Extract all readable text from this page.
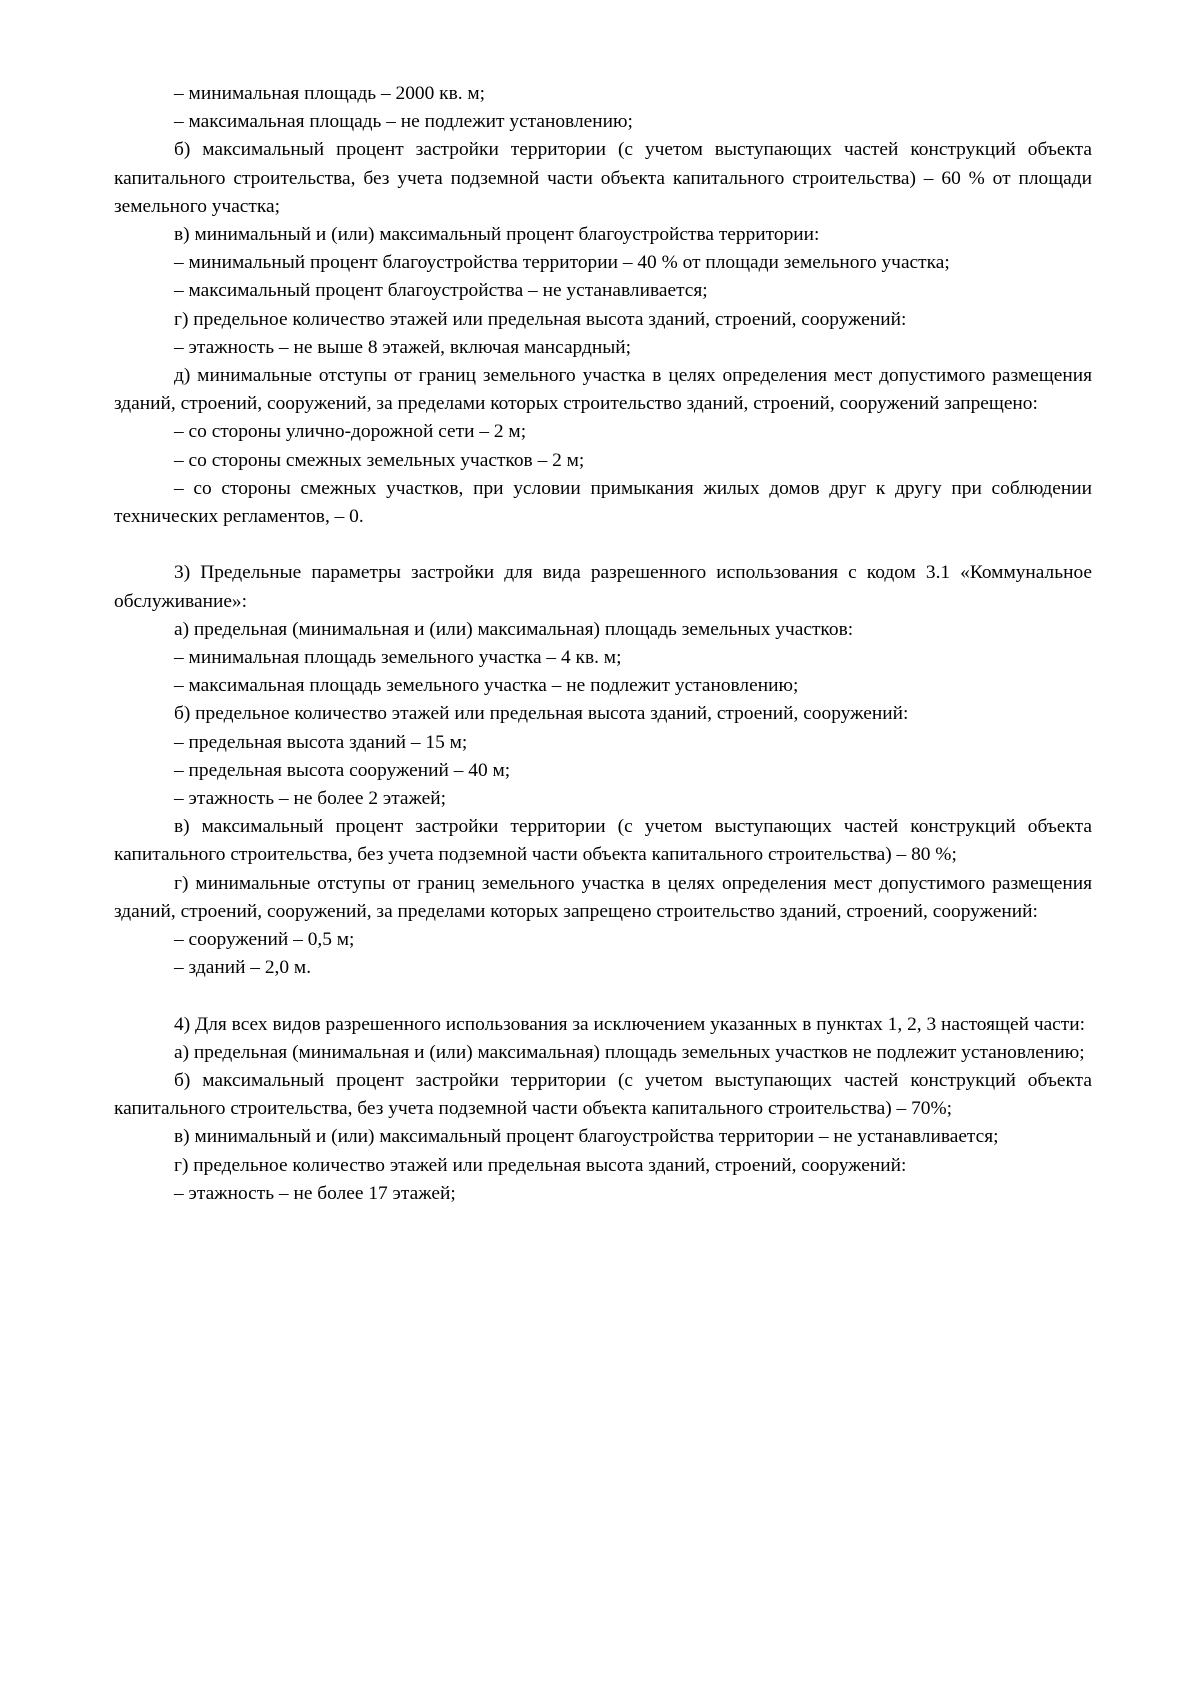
– минимальная площадь – 2000 кв. м;

– максимальная площадь – не подлежит установлению;

б) максимальный процент застройки территории (с учетом выступающих частей конструкций объекта капитального строительства, без учета подземной части объекта капитального строительства) – 60 % от площади земельного участка;

в) минимальный и (или) максимальный процент благоустройства территории:

– минимальный процент благоустройства территории – 40 % от площади земельного участка;

– максимальный процент благоустройства – не устанавливается;

г) предельное количество этажей или предельная высота зданий, строений, сооружений:

– этажность – не выше 8 этажей, включая мансардный;

д) минимальные отступы от границ земельного участка в целях определения мест допустимого размещения зданий, строений, сооружений, за пределами которых строительство зданий, строений, сооружений запрещено:

– со стороны улично-дорожной сети – 2 м;

– со стороны смежных земельных участков – 2 м;

– со стороны смежных участков, при условии примыкания жилых домов друг к другу при соблюдении технических регламентов, – 0.

3) Предельные параметры застройки для вида разрешенного использования с кодом 3.1 «Коммунальное обслуживание»:

а) предельная (минимальная и (или) максимальная) площадь земельных участков:

– минимальная площадь земельного участка – 4 кв. м;

– максимальная площадь земельного участка – не подлежит установлению;

б) предельное количество этажей или предельная высота зданий, строений, сооружений:

– предельная высота зданий – 15 м;

– предельная высота сооружений – 40 м;

– этажность – не более 2 этажей;

в) максимальный процент застройки территории (с учетом выступающих частей конструкций объекта капитального строительства, без учета подземной части объекта капитального строительства) – 80 %;

г) минимальные отступы от границ земельного участка в целях определения мест допустимого размещения зданий, строений, сооружений, за пределами которых запрещено строительство зданий, строений, сооружений:

– сооружений – 0,5 м;

– зданий – 2,0 м.

4) Для всех видов разрешенного использования за исключением указанных в пунктах 1, 2, 3 настоящей части:

а) предельная (минимальная и (или) максимальная) площадь земельных участков не подлежит установлению;

б) максимальный процент застройки территории (с учетом выступающих частей конструкций объекта капитального строительства, без учета подземной части объекта капитального строительства) – 70%;

в) минимальный и (или) максимальный процент благоустройства территории – не устанавливается;

г) предельное количество этажей или предельная высота зданий, строений, сооружений:

– этажность – не более 17 этажей;
